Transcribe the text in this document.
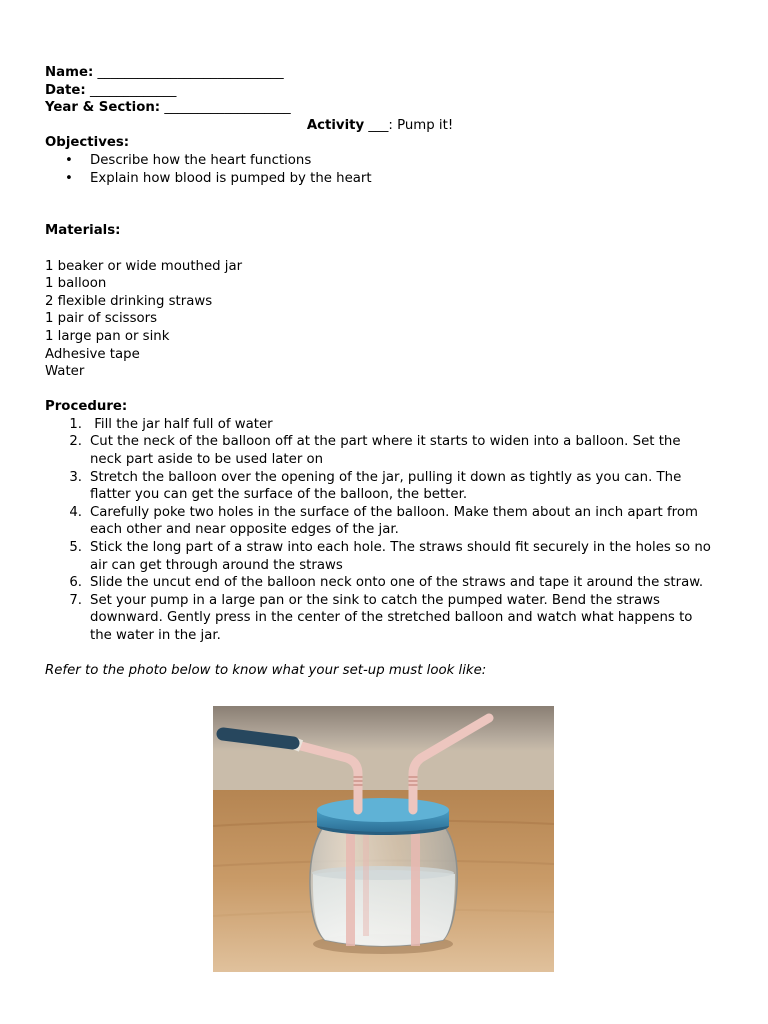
Name: ____________________________
Date: _____________
Year & Section: ___________________
Activity ___: Pump it!
Objectives:
• Describe how the heart functions
• Explain how blood is pumped by the heart
Materials:
1 beaker or wide mouthed jar
1 balloon
2 flexible drinking straws
1 pair of scissors
1 large pan or sink
Adhesive tape
Water
Procedure:
1. Fill the jar half full of water
2. Cut the neck of the balloon off at the part where it starts to widen into a balloon. Set the neck part aside to be used later on
3. Stretch the balloon over the opening of the jar, pulling it down as tightly as you can. The flatter you can get the surface of the balloon, the better.
4. Carefully poke two holes in the surface of the balloon. Make them about an inch apart from each other and near opposite edges of the jar.
5. Stick the long part of a straw into each hole. The straws should fit securely in the holes so no air can get through around the straws
6. Slide the uncut end of the balloon neck onto one of the straws and tape it around the straw.
7. Set your pump in a large pan or the sink to catch the pumped water. Bend the straws downward. Gently press in the center of the stretched balloon and watch what happens to the water in the jar.
Refer to the photo below to know what your set-up must look like:
